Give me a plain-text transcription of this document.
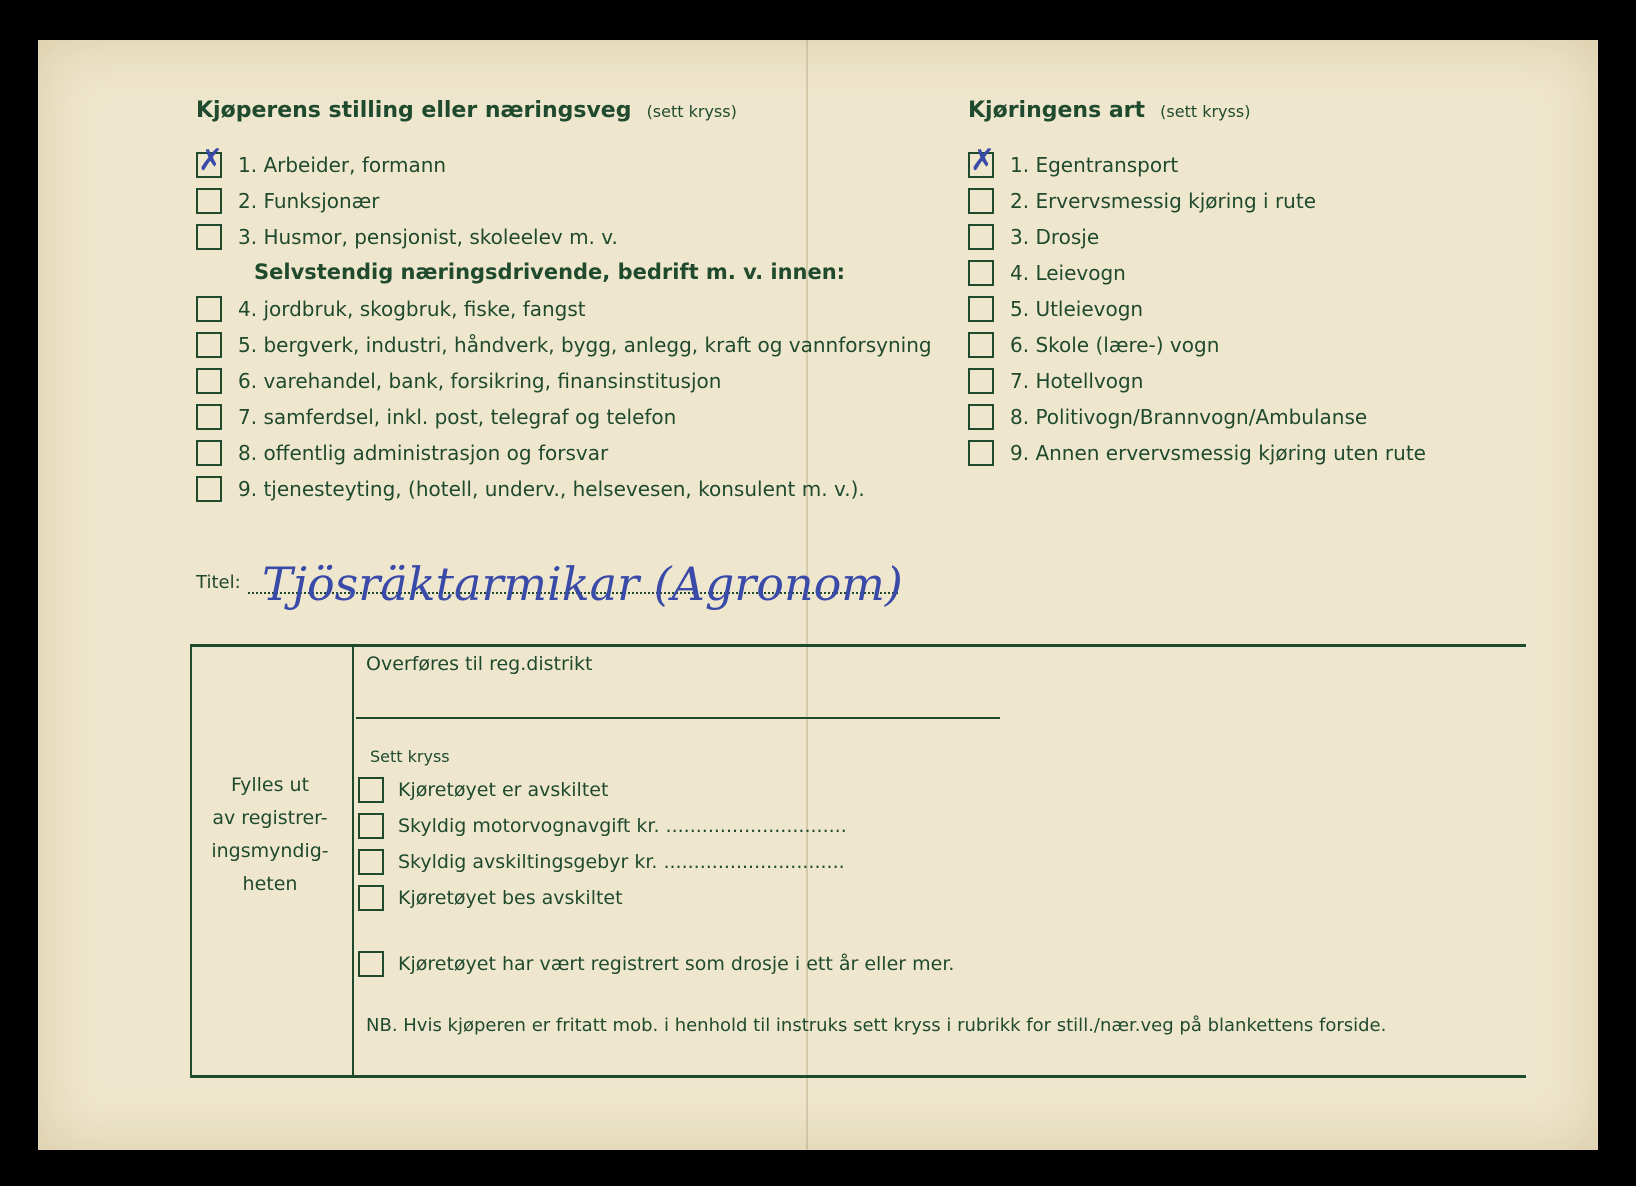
Kjøperens stilling eller næringsveg (sett kryss)
✗ 1. Arbeider, formann
2. Funksjonær
3. Husmor, pensjonist, skoleelev m. v.
Selvstendig næringsdrivende, bedrift m. v. innen:
4. jordbruk, skogbruk, fiske, fangst
5. bergverk, industri, håndverk, bygg, anlegg, kraft og vannforsyning
6. varehandel, bank, forsikring, finansinstitusjon
7. samferdsel, inkl. post, telegraf og telefon
8. offentlig administrasjon og forsvar
9. tjenesteyting, (hotell, underv., helsevesen, konsulent m. v.).
Kjøringens art (sett kryss)
✗ 1. Egentransport
2. Ervervsmessig kjøring i rute
3. Drosje
4. Leievogn
5. Utleievogn
6. Skole (lære-) vogn
7. Hotellvogn
8. Politivogn/Brannvogn/Ambulanse
9. Annen ervervsmessig kjøring uten rute
Titel: Tjösräktarmikar (Agronom)
Fylles ut
av registrer-
ingsmyndig-
heten
Overføres til reg.distrikt
Sett kryss
Kjøretøyet er avskiltet
Skyldig motorvognavgift kr. ..............................
Skyldig avskiltingsgebyr kr. ..............................
Kjøretøyet bes avskiltet
Kjøretøyet har vært registrert som drosje i ett år eller mer.
NB. Hvis kjøperen er fritatt mob. i henhold til instruks sett kryss i rubrikk for still./nær.veg på blankettens forside.
